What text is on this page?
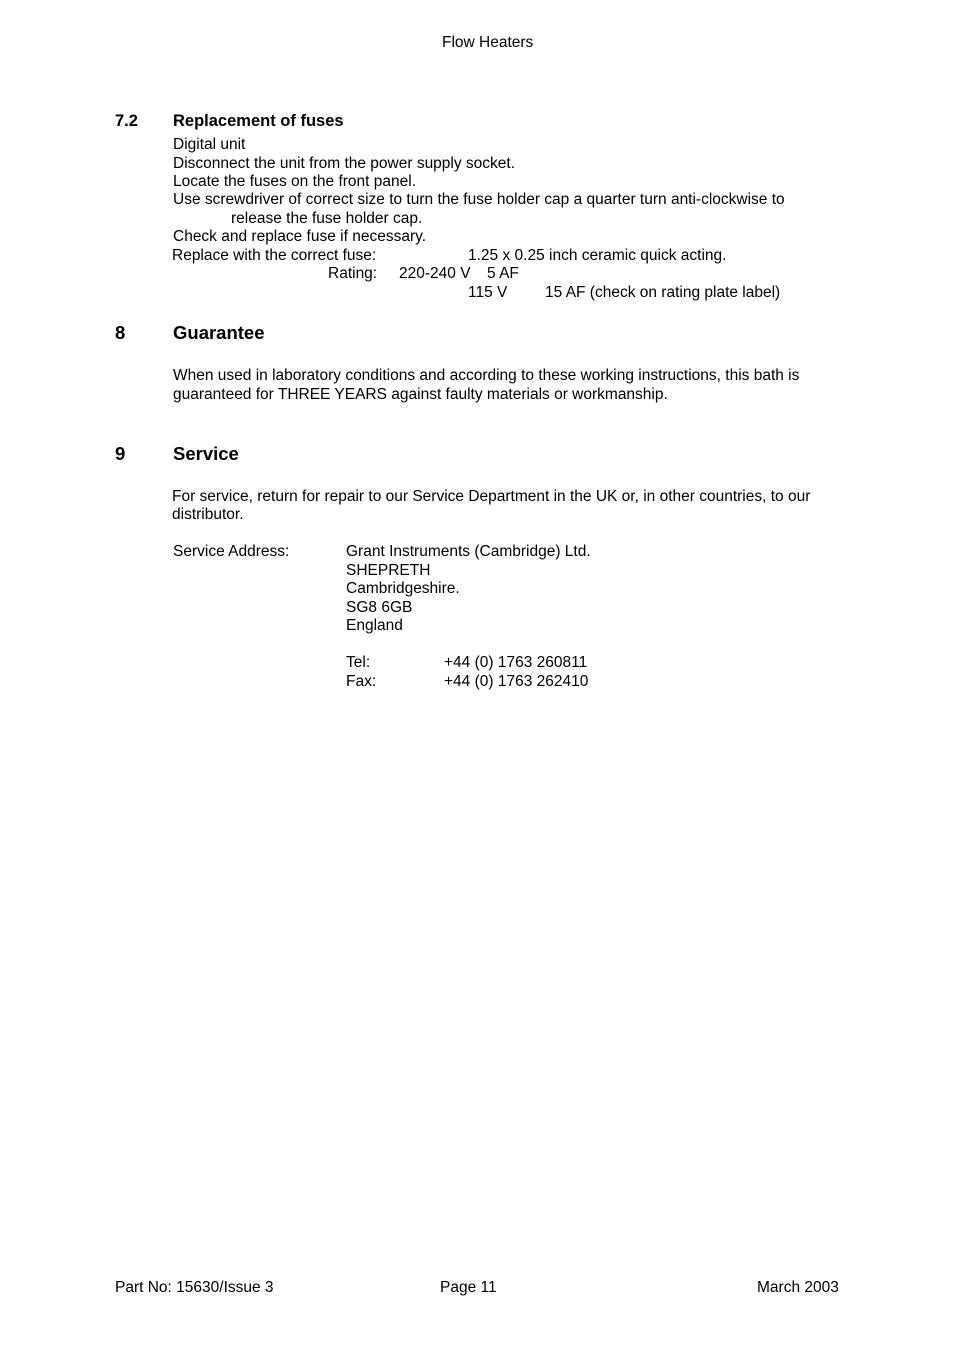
Flow Heaters
7.2 Replacement of fuses
Digital unit
Disconnect the unit from the power supply socket.
Locate the fuses on the front panel.
Use screwdriver of correct size to turn the fuse holder cap a quarter turn anti-clockwise to
release the fuse holder cap.
Check and replace fuse if necessary.
Replace with the correct fuse:	1.25 x 0.25 inch ceramic quick acting.
Rating: 220-240 V 5 AF
115 V 15 AF (check on rating plate label)
8	Guarantee
When used in laboratory conditions and according to these working instructions, this bath is
guaranteed for THREE YEARS against faulty materials or workmanship.
9	Service
For service, return for repair to our Service Department in the UK or, in other countries, to our
distributor.
Service Address:	Grant Instruments (Cambridge) Ltd.
SHEPRETH
Cambridgeshire.
SG8 6GB
England
Tel:	+44 (0) 1763 260811
Fax:	+44 (0) 1763 262410
Part No: 15630/Issue 3	Page 11	March 2003
